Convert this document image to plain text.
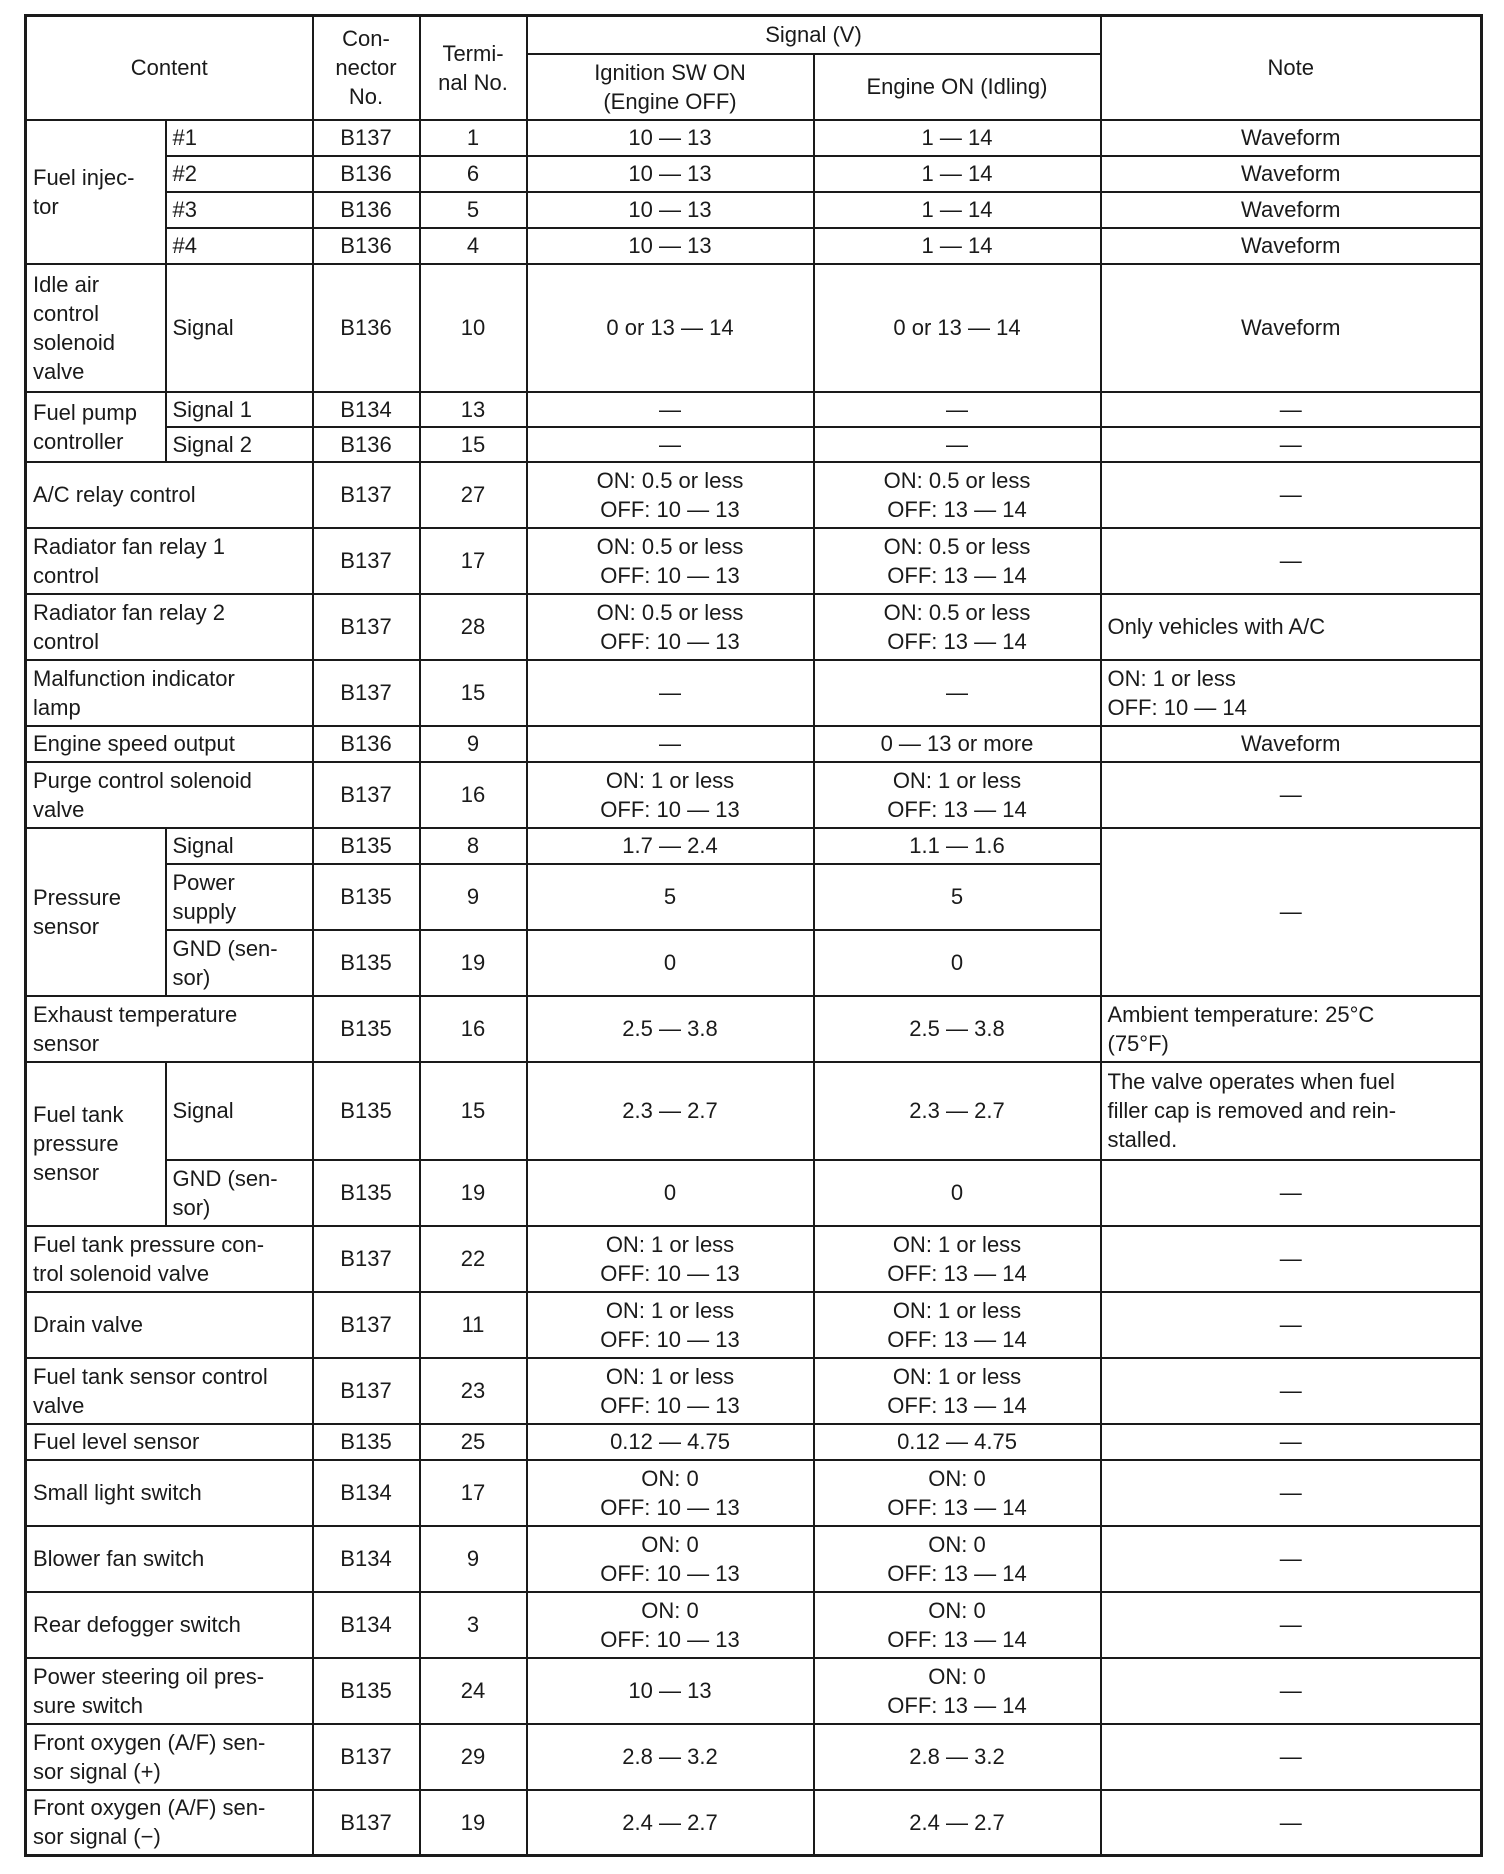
Content		Con-
nector
No.	Termi-
nal No.	Signal (V)		Note
				Ignition SW ON
(Engine OFF)	Engine ON (Idling)	
Fuel injec-
tor	#1	B137	1	10 — 13	1 — 14	Waveform
	#2	B136	6	10 — 13	1 — 14	Waveform
	#3	B136	5	10 — 13	1 — 14	Waveform
	#4	B136	4	10 — 13	1 — 14	Waveform
Idle air
control
solenoid
valve	Signal	B136	10	0 or 13 — 14	0 or 13 — 14	Waveform
Fuel pump
controller	Signal 1	B134	13	—	—	—
	Signal 2	B136	15	—	—	—
A/C relay control		B137	27	ON: 0.5 or less
OFF: 10 — 13	ON: 0.5 or less
OFF: 13 — 14	—
Radiator fan relay 1
control		B137	17	ON: 0.5 or less
OFF: 10 — 13	ON: 0.5 or less
OFF: 13 — 14	—
Radiator fan relay 2
control		B137	28	ON: 0.5 or less
OFF: 10 — 13	ON: 0.5 or less
OFF: 13 — 14	Only vehicles with A/C
Malfunction indicator
lamp		B137	15	—	—	ON: 1 or less
OFF: 10 — 14
Engine speed output		B136	9	—	0 — 13 or more	Waveform
Purge control solenoid
valve		B137	16	ON: 1 or less
OFF: 10 — 13	ON: 1 or less
OFF: 13 — 14	—
Pressure
sensor	Signal	B135	8	1.7 — 2.4	1.1 — 1.6	—
	Power
supply	B135	9	5	5	
	GND (sen-
sor)	B135	19	0	0	
Exhaust temperature
sensor		B135	16	2.5 — 3.8	2.5 — 3.8	Ambient temperature: 25°C
(75°F)
Fuel tank
pressure
sensor	Signal	B135	15	2.3 — 2.7	2.3 — 2.7	The valve operates when fuel
filler cap is removed and rein-
stalled.
	GND (sen-
sor)	B135	19	0	0	—
Fuel tank pressure con-
trol solenoid valve		B137	22	ON: 1 or less
OFF: 10 — 13	ON: 1 or less
OFF: 13 — 14	—
Drain valve		B137	11	ON: 1 or less
OFF: 10 — 13	ON: 1 or less
OFF: 13 — 14	—
Fuel tank sensor control
valve		B137	23	ON: 1 or less
OFF: 10 — 13	ON: 1 or less
OFF: 13 — 14	—
Fuel level sensor		B135	25	0.12 — 4.75	0.12 — 4.75	—
Small light switch		B134	17	ON: 0
OFF: 10 — 13	ON: 0
OFF: 13 — 14	—
Blower fan switch		B134	9	ON: 0
OFF: 10 — 13	ON: 0
OFF: 13 — 14	—
Rear defogger switch		B134	3	ON: 0
OFF: 10 — 13	ON: 0
OFF: 13 — 14	—
Power steering oil pres-
sure switch		B135	24	10 — 13	ON: 0
OFF: 13 — 14	—
Front oxygen (A/F) sen-
sor signal (+)		B137	29	2.8 — 3.2	2.8 — 3.2	—
Front oxygen (A/F) sen-
sor signal (−)		B137	19	2.4 — 2.7	2.4 — 2.7	—
